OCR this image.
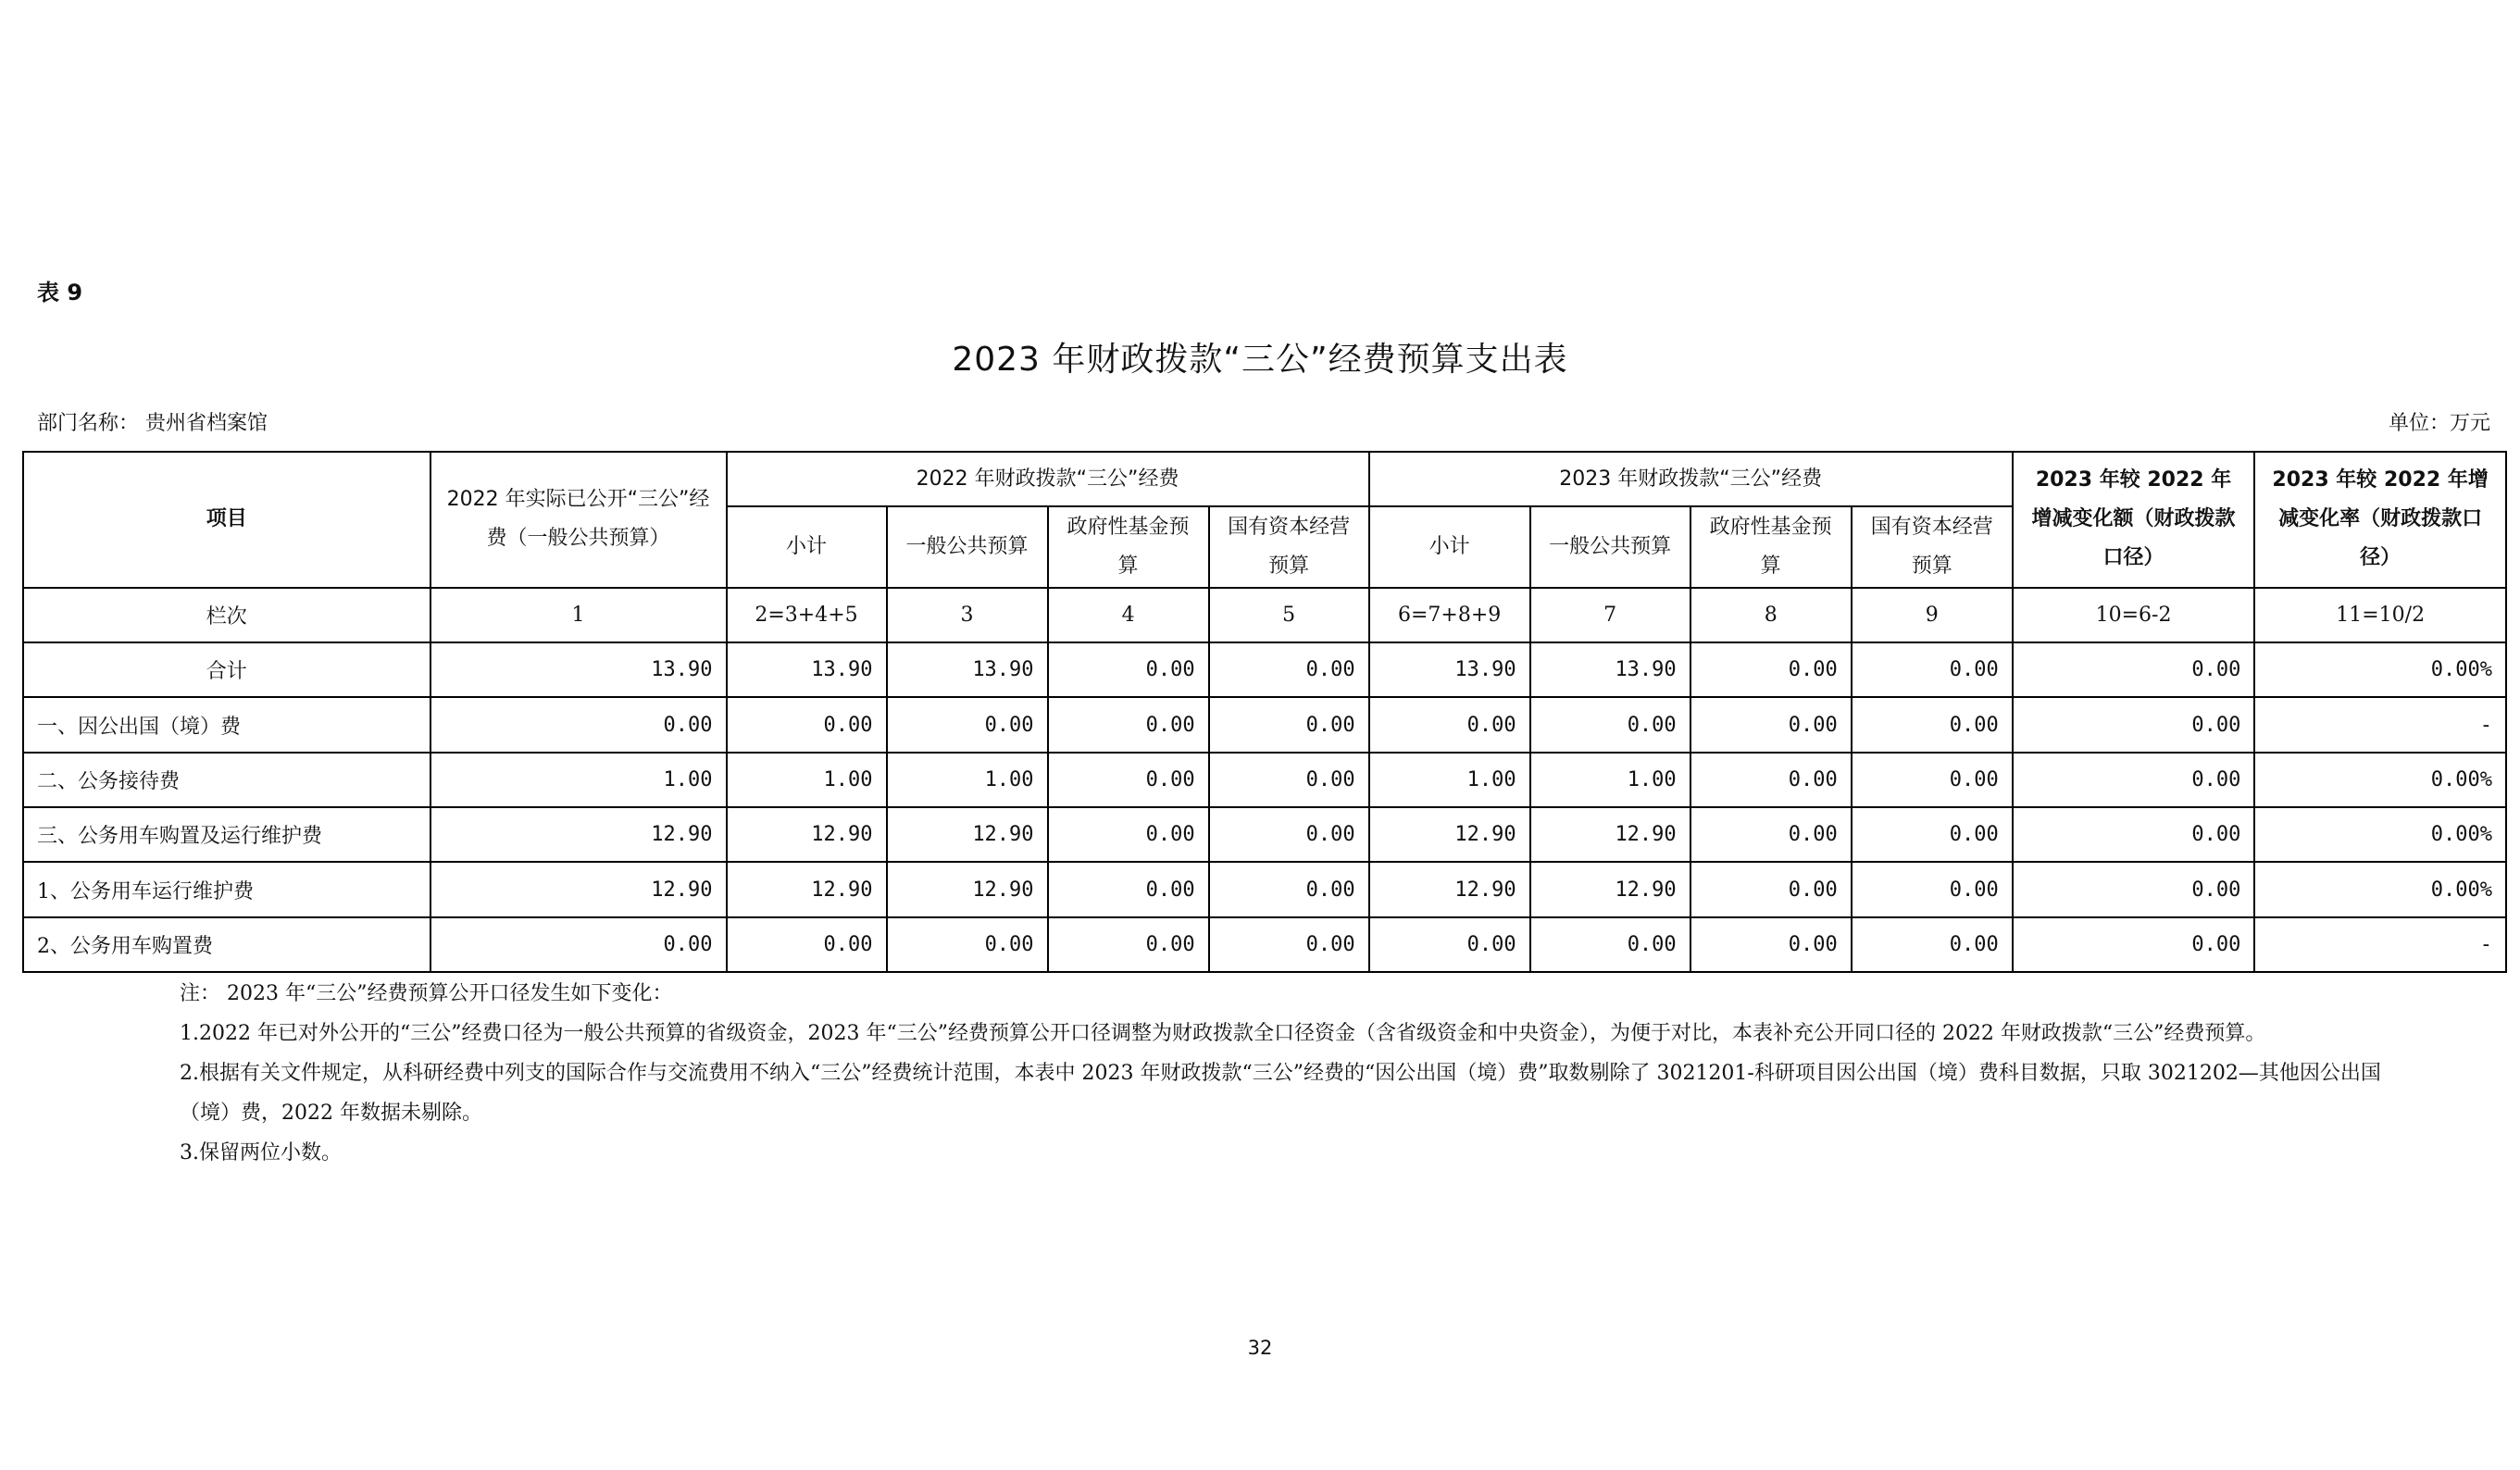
表 9
2023 年财政拨款“三公”经费预算支出表
部门名称： 贵州省档案馆	单位：万元
项目	2022 年实际已公开“三公”经费（一般公共预算）	2022 年财政拨款“三公”经费				2023 年财政拨款“三公”经费				2023 年较 2022 年增减变化额（财政拨款口径）	2023 年较 2022 年增减变化率（财政拨款口径）
		小计	一般公共预算	政府性基金预算	国有资本经营预算	小计	一般公共预算	政府性基金预算	国有资本经营预算		
栏次	1	2=3+4+5	3	4	5	6=7+8+9	7	8	9	10=6-2	11=10/2
合计	13.90	13.90	13.90	0.00	0.00	13.90	13.90	0.00	0.00	0.00	0.00%
一、因公出国（境）费	0.00	0.00	0.00	0.00	0.00	0.00	0.00	0.00	0.00	0.00	-
二、公务接待费	1.00	1.00	1.00	0.00	0.00	1.00	1.00	0.00	0.00	0.00	0.00%
三、公务用车购置及运行维护费	12.90	12.90	12.90	0.00	0.00	12.90	12.90	0.00	0.00	0.00	0.00%
1、公务用车运行维护费	12.90	12.90	12.90	0.00	0.00	12.90	12.90	0.00	0.00	0.00	0.00%
2、公务用车购置费	0.00	0.00	0.00	0.00	0.00	0.00	0.00	0.00	0.00	0.00	-
注： 2023 年“三公”经费预算公开口径发生如下变化：
1.2022 年已对外公开的“三公”经费口径为一般公共预算的省级资金，2023 年“三公”经费预算公开口径调整为财政拨款全口径资金（含省级资金和中央资金），为便于对比，本表补充公开同口径的 2022 年财政拨款“三公”经费预算。
2.根据有关文件规定，从科研经费中列支的国际合作与交流费用不纳入“三公”经费统计范围，本表中 2023 年财政拨款“三公”经费的“因公出国（境）费”取数剔除了 3021201-科研项目因公出国（境）费科目数据，只取 3021202—其他因公出国（境）费，2022 年数据未剔除。
3.保留两位小数。
32
